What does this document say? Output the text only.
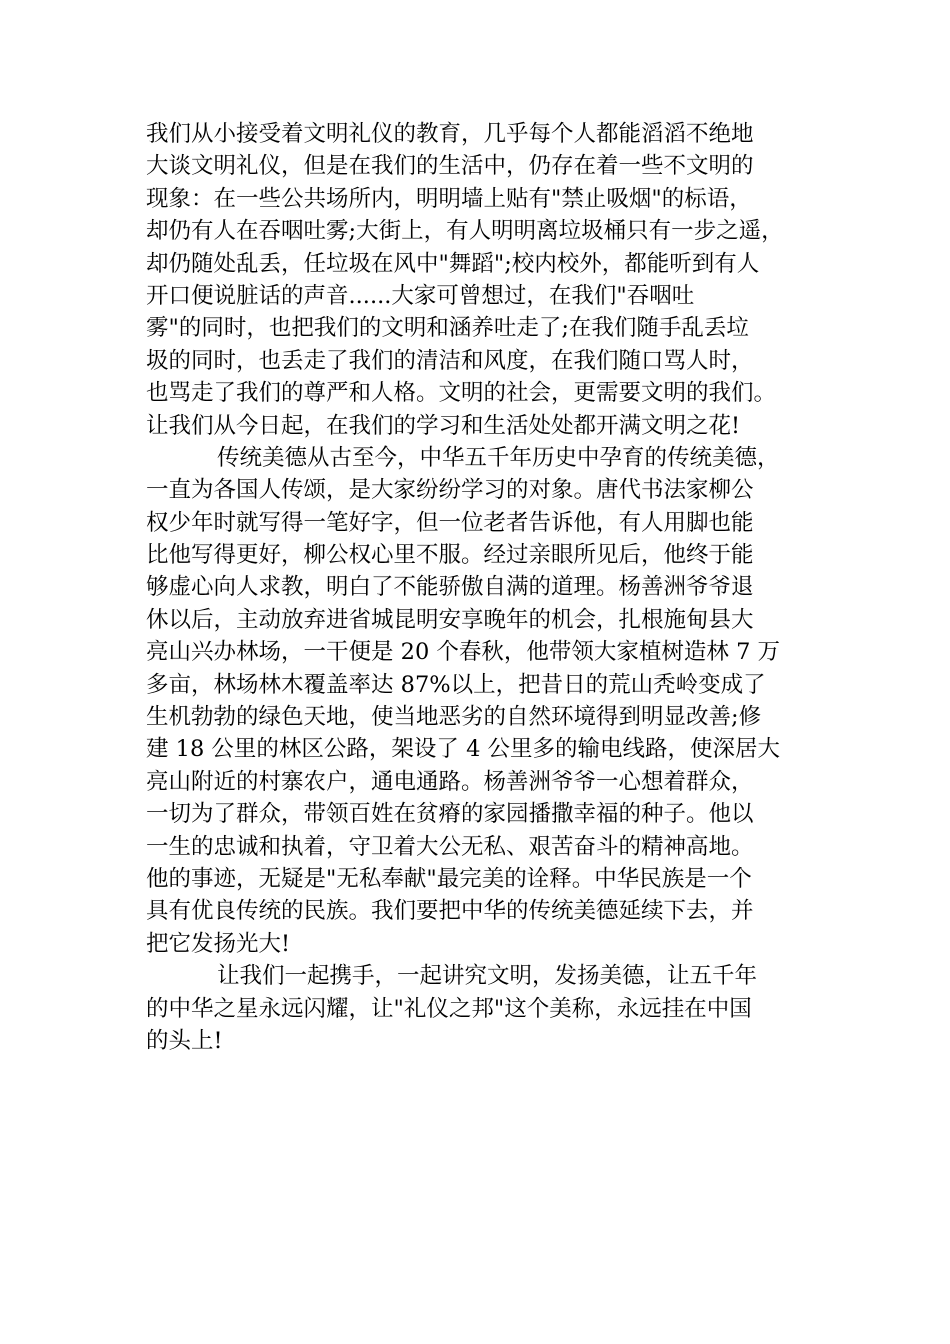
我们从小接受着文明礼仪的教育，几乎每个人都能滔滔不绝地
大谈文明礼仪，但是在我们的生活中，仍存在着一些不文明的
现象：在一些公共场所内，明明墙上贴有"禁止吸烟"的标语，
却仍有人在吞咽吐雾;大街上，有人明明离垃圾桶只有一步之遥，
却仍随处乱丢，任垃圾在风中"舞蹈";校内校外，都能听到有人
开口便说脏话的声音......大家可曾想过，在我们"吞咽吐
雾"的同时，也把我们的文明和涵养吐走了;在我们随手乱丢垃
圾的同时，也丢走了我们的清洁和风度，在我们随口骂人时，
也骂走了我们的尊严和人格。文明的社会，更需要文明的我们。
让我们从今日起，在我们的学习和生活处处都开满文明之花!
传统美德从古至今，中华五千年历史中孕育的传统美德，
一直为各国人传颂，是大家纷纷学习的对象。唐代书法家柳公
权少年时就写得一笔好字，但一位老者告诉他，有人用脚也能
比他写得更好，柳公权心里不服。经过亲眼所见后，他终于能
够虚心向人求教，明白了不能骄傲自满的道理。杨善洲爷爷退
休以后，主动放弃进省城昆明安享晚年的机会，扎根施甸县大
亮山兴办林场，一干便是 20 个春秋，他带领大家植树造林 7 万
多亩，林场林木覆盖率达 87%以上，把昔日的荒山秃岭变成了
生机勃勃的绿色天地，使当地恶劣的自然环境得到明显改善;修
建 18 公里的林区公路，架设了 4 公里多的输电线路，使深居大
亮山附近的村寨农户，通电通路。杨善洲爷爷一心想着群众，
一切为了群众，带领百姓在贫瘠的家园播撒幸福的种子。他以
一生的忠诚和执着，守卫着大公无私、艰苦奋斗的精神高地。
他的事迹，无疑是"无私奉献"最完美的诠释。中华民族是一个
具有优良传统的民族。我们要把中华的传统美德延续下去，并
把它发扬光大!
让我们一起携手，一起讲究文明，发扬美德，让五千年
的中华之星永远闪耀，让"礼仪之邦"这个美称，永远挂在中国
的头上!
